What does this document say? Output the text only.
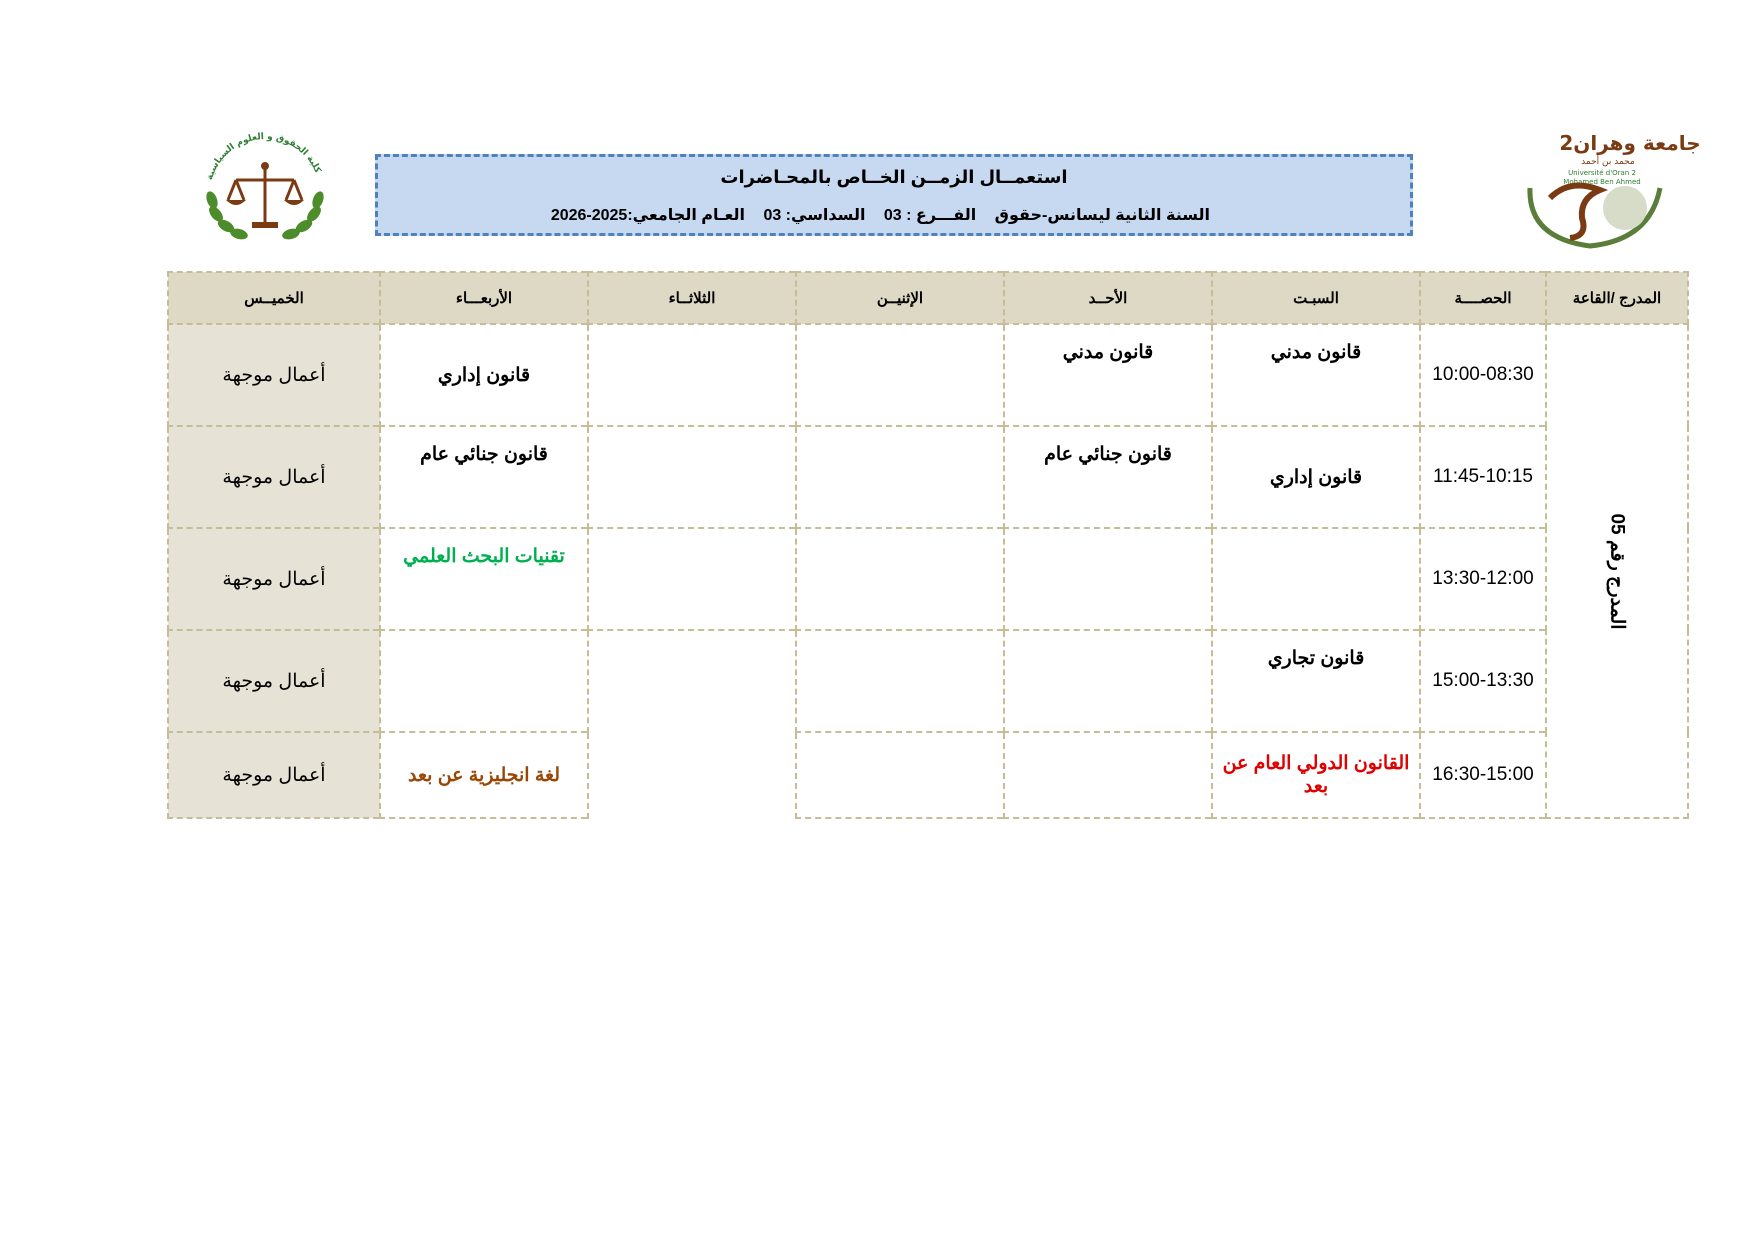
كلية الحقوق و العلوم السياسية
جامعة وهران2
محمد بن أحمد
Université d'Oran 2
Mohamed Ben Ahmed
استعمــال الزمــن الخــاص بالمحـاضرات
السنة الثانية ليسانس-حقوق الفـــرع : 03 السداسي: 03 العـام الجامعي:2025-2026
المدرج /القاعة	الحصــــة	السبـت	الأحــد	الإثنيــن	الثلاثــاء	الأربعـــاء	الخميــس
المدرج رقم 05	10:00-08:30	قانون مدني	قانون مدني			قانون إداري	أعمال موجهة
	11:45-10:15	قانون إداري	قانون جنائي عام			قانون جنائي عام	أعمال موجهة
	13:30-12:00					تقنيات البحث العلمي	أعمال موجهة
	15:00-13:30	قانون تجاري					أعمال موجهة
	16:30-15:00	القانون الدولي العام عن بعد				لغة انجليزية عن بعد	أعمال موجهة
